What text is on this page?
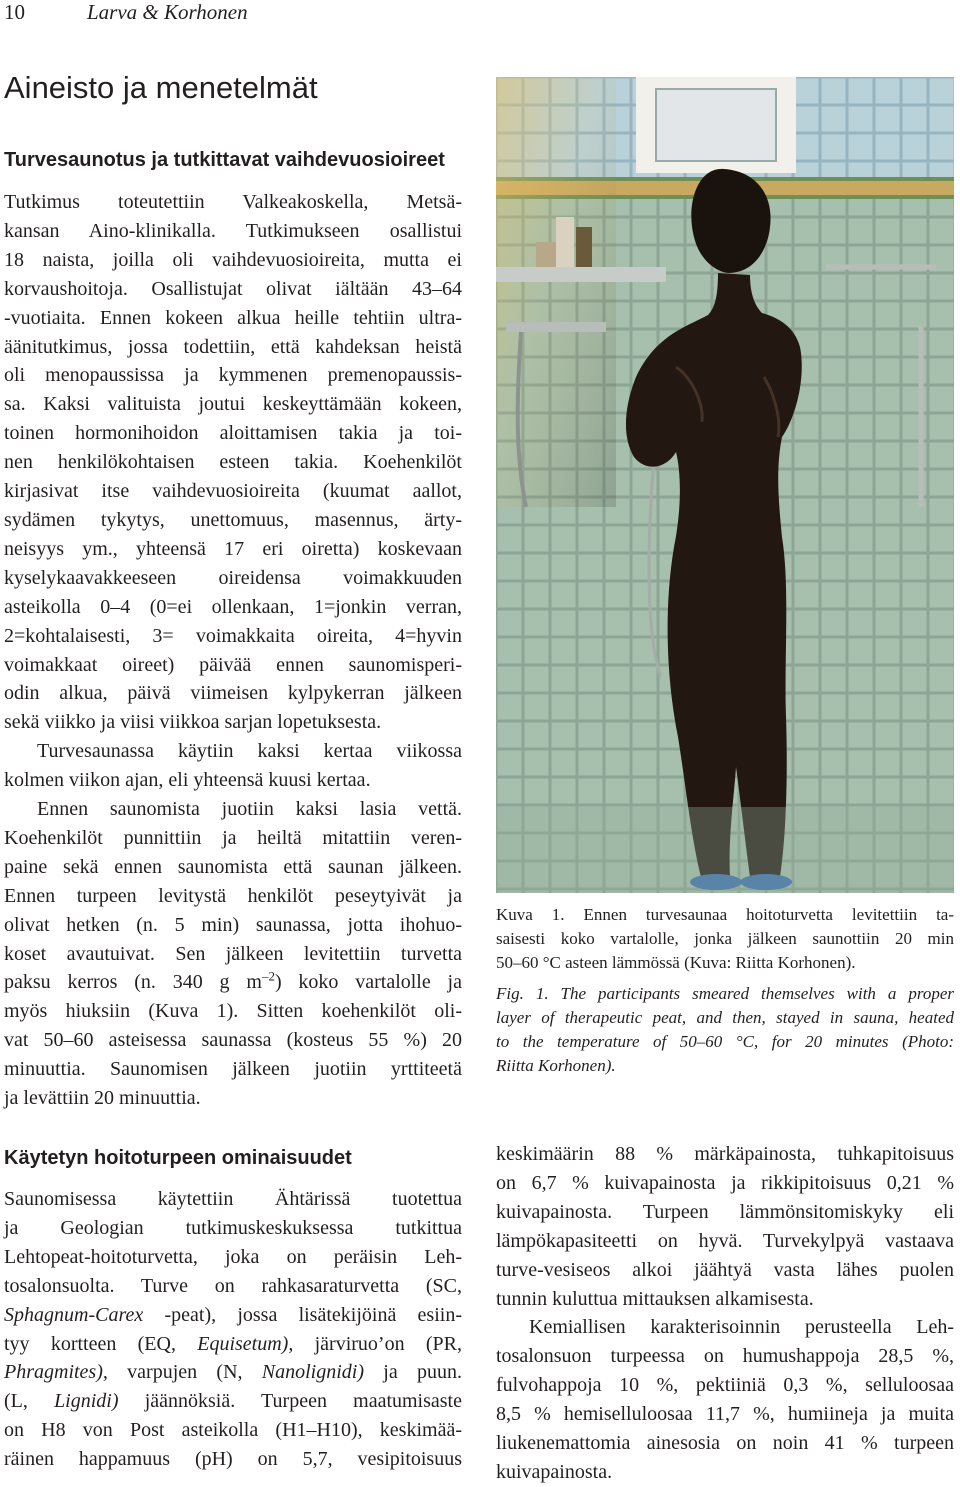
10	Larva & Korhonen
Aineisto ja menetelmät
Turvesaunotus ja tutkittavat vaihdevuosioireet
Tutkimus toteutettiin Valkeakoskella, Metsä-
kansan Aino-klinikalla. Tutkimukseen osallistui
18 naista, joilla oli vaihdevuosioireita, mutta ei
korvaushoitoja. Osallistujat olivat iältään 43–64
-vuotiaita. Ennen kokeen alkua heille tehtiin ultra-
äänitutkimus, jossa todettiin, että kahdeksan heistä
oli menopaussissa ja kymmenen premenopaussis-
sa. Kaksi valituista joutui keskeyttämään kokeen,
toinen hormonihoidon aloittamisen takia ja toi-
nen henkilökohtaisen esteen takia. Koehenkilöt
kirjasivat itse vaihdevuosioireita (kuumat aallot,
sydämen tykytys, unettomuus, masennus, ärty-
neisyys ym., yhteensä 17 eri oiretta) koskevaan
kyselykaavakkeeseen oireidensa voimakkuuden
asteikolla 0–4 (0=ei ollenkaan, 1=jonkin verran,
2=kohtalaisesti, 3= voimakkaita oireita, 4=hyvin
voimakkaat oireet) päivää ennen saunomisperi-
odin alkua, päivä viimeisen kylpykerran jälkeen
sekä viikko ja viisi viikkoa sarjan lopetuksesta.
Turvesaunassa käytiin kaksi kertaa viikossa
kolmen viikon ajan, eli yhteensä kuusi kertaa.
Ennen saunomista juotiin kaksi lasia vettä.
Koehenkilöt punnittiin ja heiltä mitattiin veren-
paine sekä ennen saunomista että saunan jälkeen.
Ennen turpeen levitystä henkilöt peseytyivät ja
olivat hetken (n. 5 min) saunassa, jotta ihohuo-
koset avautuivat. Sen jälkeen levitettiin turvetta
paksu kerros (n. 340 g $m^{-2}$) koko vartalolle ja
myös hiuksiin (Kuva 1). Sitten koehenkilöt oli-
vat 50–60 asteisessa saunassa (kosteus 55 %) 20
minuuttia. Saunomisen jälkeen juotiin yrttiteetä
ja levättiin 20 minuuttia.
Kuva 1. Ennen turvesaunaa hoitoturvetta levitettiin ta-
saisesti koko vartalolle, jonka jälkeen saunottiin 20 min
50–60 °C asteen lämmössä (Kuva: Riitta Korhonen).
Fig. 1. The participants smeared themselves with a proper
layer of therapeutic peat, and then, stayed in sauna, heated
to the temperature of 50–60 °C, for 20 minutes (Photo:
Riitta Korhonen).
Käytetyn hoitoturpeen ominaisuudet
Saunomisessa käytettiin Ähtärissä tuotettua
ja Geologian tutkimuskeskuksessa tutkittua
Lehtopeat-hoitoturvetta, joka on peräisin Leh-
tosalonsuolta. Turve on rahkasaraturvetta (SC,
Sphagnum-Carex -peat), jossa lisätekijöinä esiin-
tyy kortteen (EQ, Equisetum), järviruo’on (PR,
Phragmites), varpujen (N, Nanolignidi) ja puun.
(L, Lignidi) jäännöksiä. Turpeen maatumisaste
on H8 von Post asteikolla (H1–H10), keskimää-
räinen happamuus (pH) on 5,7, vesipitoisuus
keskimäärin 88 % märkäpainosta, tuhkapitoisuus
on 6,7 % kuivapainosta ja rikkipitoisuus 0,21 %
kuivapainosta. Turpeen lämmönsitomiskyky eli
lämpökapasiteetti on hyvä. Turvekylpyä vastaava
turve-vesiseos alkoi jäähtyä vasta lähes puolen
tunnin kuluttua mittauksen alkamisesta.
Kemiallisen karakterisoinnin perusteella Leh-
tosalonsuon turpeessa on humushappoja 28,5 %,
fulvohappoja 10 %, pektiiniä 0,3 %, selluloosaa
8,5 % hemiselluloosaa 11,7 %, humiineja ja muita
liukenemattomia ainesosia on noin 41 % turpeen
kuivapainosta.
